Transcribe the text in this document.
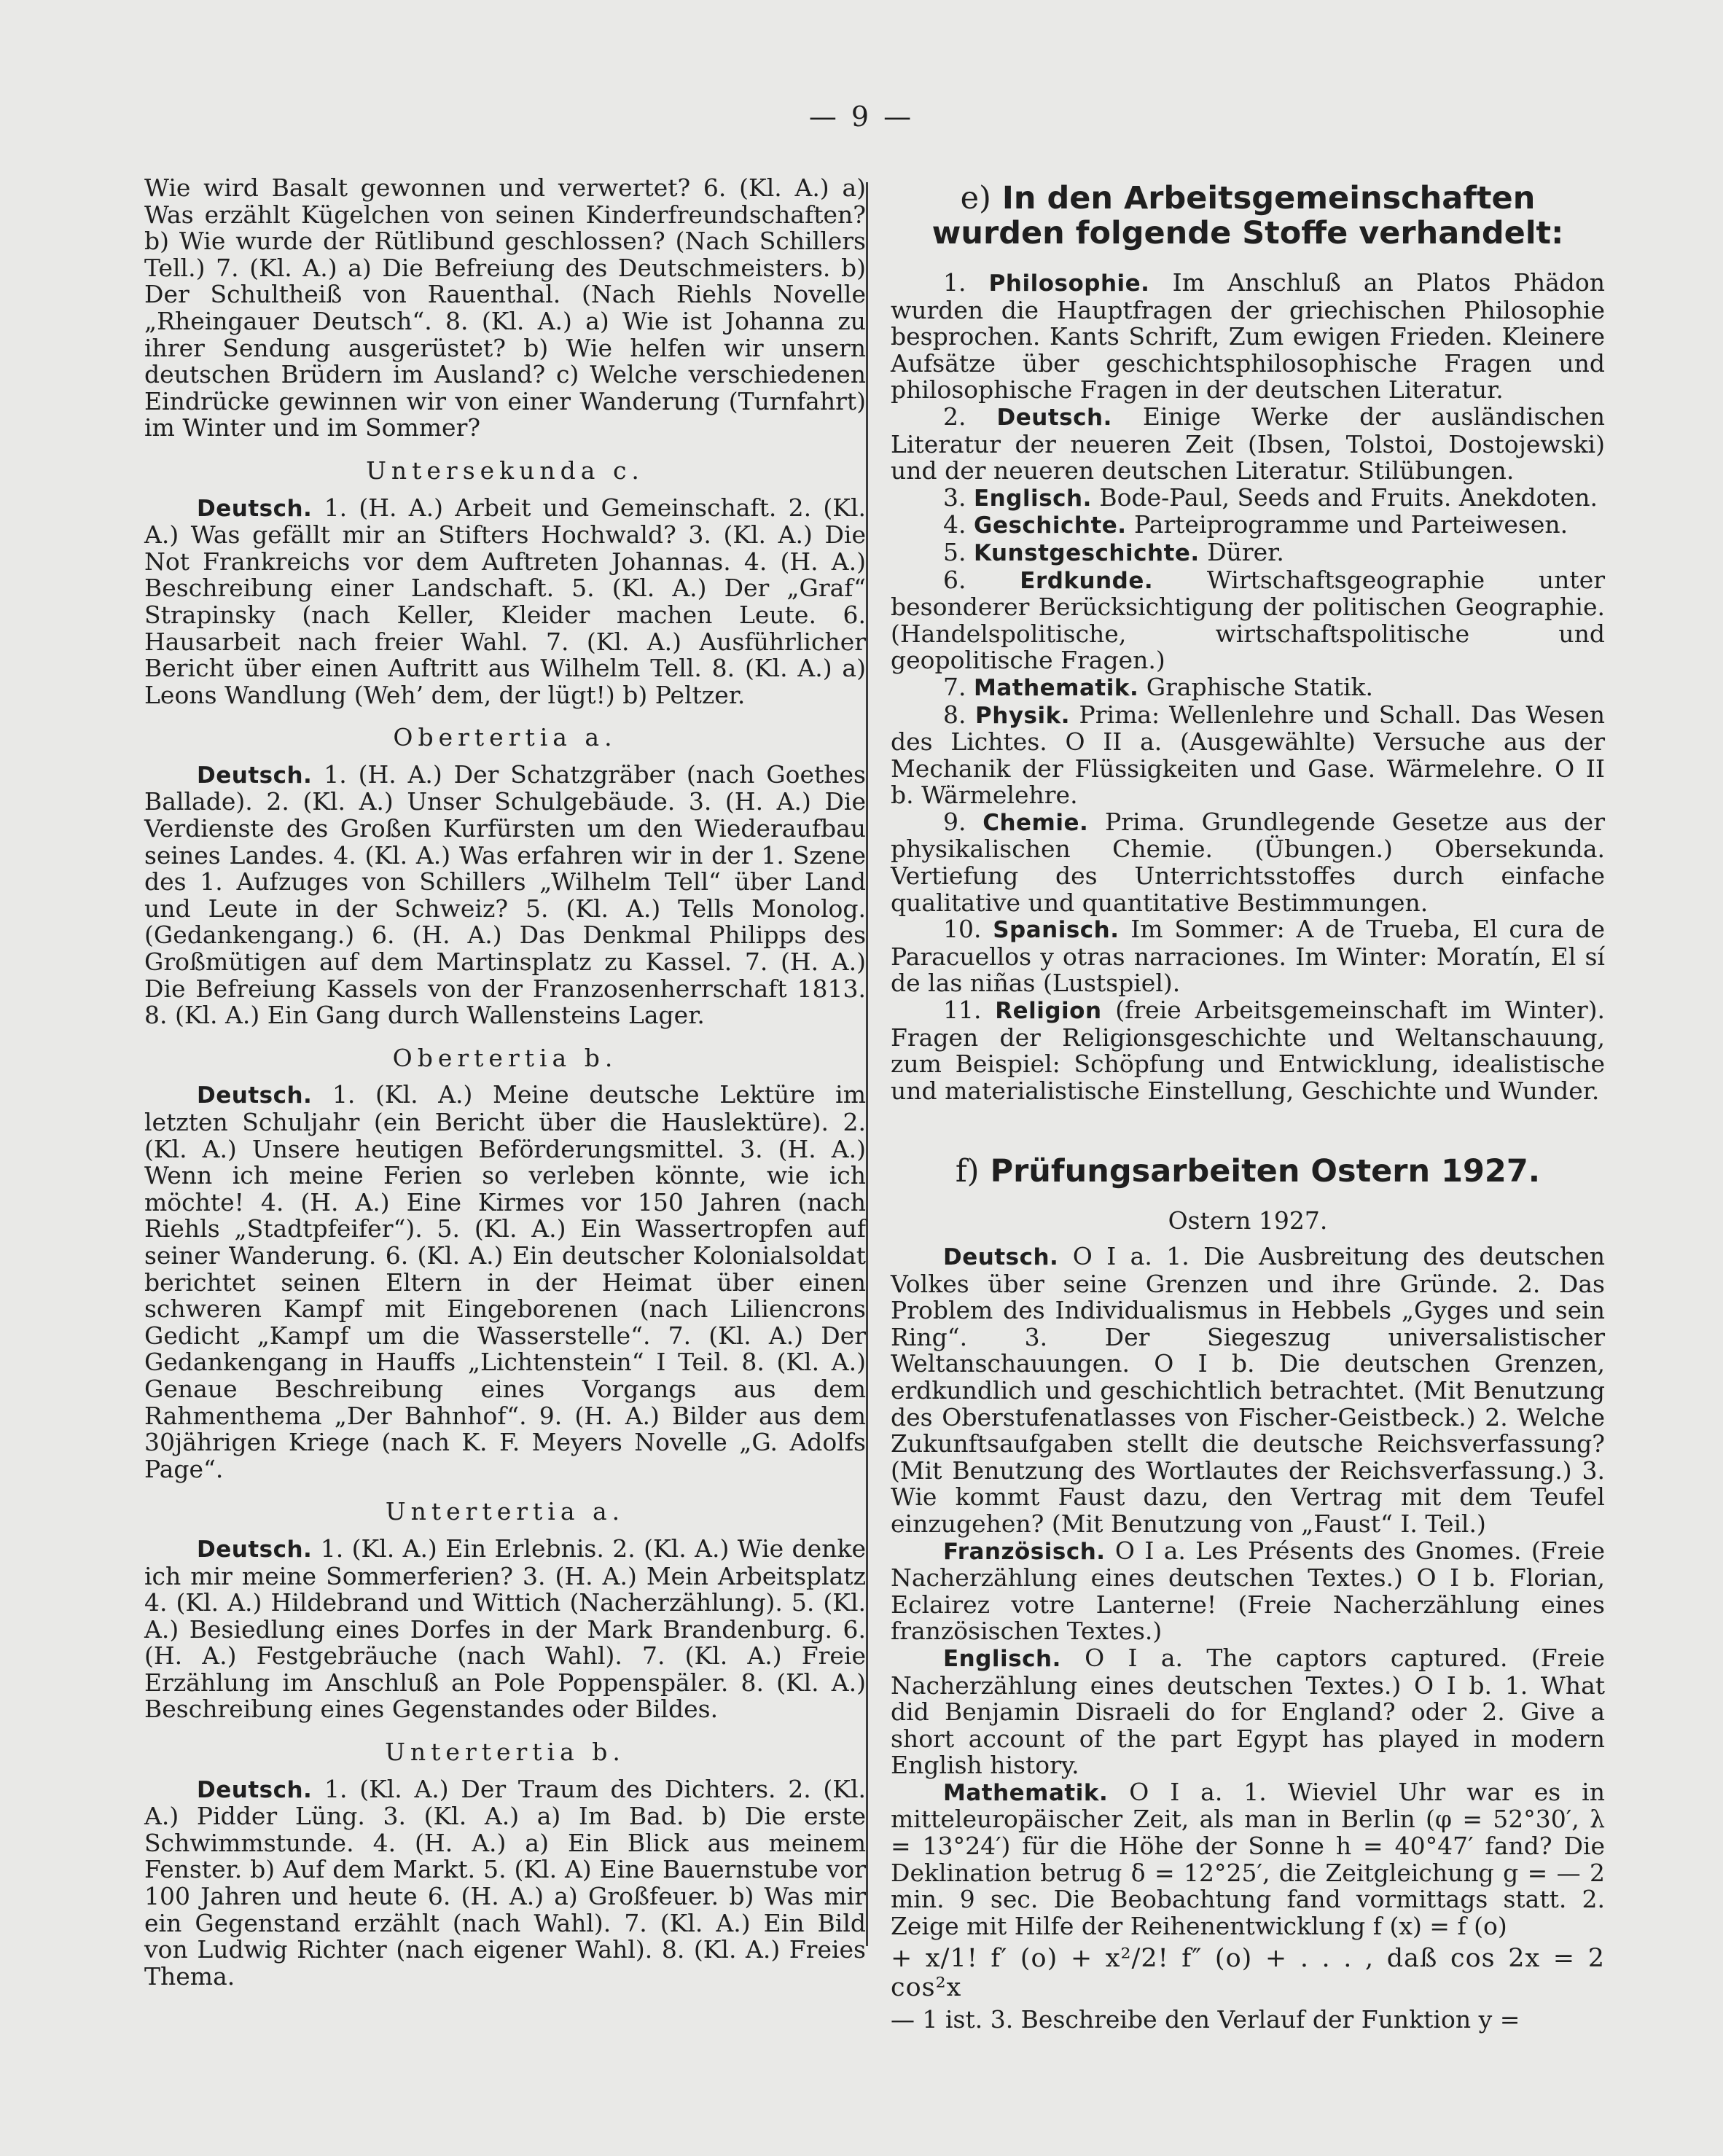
— 9 —

Wie wird Basalt gewonnen und verwertet? 6. (Kl. A.) a) Was erzählt Kügelchen von seinen Kinderfreundschaften? b) Wie wurde der Rütlibund geschlossen? (Nach Schillers Tell.) 7. (Kl. A.) a) Die Befreiung des Deutschmeisters. b) Der Schultheiß von Rauenthal. (Nach Riehls Novelle „Rheingauer Deutsch“. 8. (Kl. A.) a) Wie ist Johanna zu ihrer Sendung ausgerüstet? b) Wie helfen wir unsern deutschen Brüdern im Ausland? c) Welche verschiedenen Eindrücke gewinnen wir von einer Wanderung (Turnfahrt) im Winter und im Sommer?

Untersekunda c.

Deutsch. 1. (H. A.) Arbeit und Gemeinschaft. 2. (Kl. A.) Was gefällt mir an Stifters Hochwald? 3. (Kl. A.) Die Not Frankreichs vor dem Auftreten Johannas. 4. (H. A.) Beschreibung einer Landschaft. 5. (Kl. A.) Der „Graf“ Strapinsky (nach Keller, Kleider machen Leute. 6. Hausarbeit nach freier Wahl. 7. (Kl. A.) Ausführlicher Bericht über einen Auftritt aus Wilhelm Tell. 8. (Kl. A.) a) Leons Wandlung (Weh’ dem, der lügt!) b) Peltzer.

Obertertia a.

Deutsch. 1. (H. A.) Der Schatzgräber (nach Goethes Ballade). 2. (Kl. A.) Unser Schulgebäude. 3. (H. A.) Die Verdienste des Großen Kurfürsten um den Wiederaufbau seines Landes. 4. (Kl. A.) Was erfahren wir in der 1. Szene des 1. Aufzuges von Schillers „Wilhelm Tell“ über Land und Leute in der Schweiz? 5. (Kl. A.) Tells Monolog. (Gedankengang.) 6. (H. A.) Das Denkmal Philipps des Großmütigen auf dem Martinsplatz zu Kassel. 7. (H. A.) Die Befreiung Kassels von der Franzosenherrschaft 1813. 8. (Kl. A.) Ein Gang durch Wallensteins Lager.

Obertertia b.

Deutsch. 1. (Kl. A.) Meine deutsche Lektüre im letzten Schuljahr (ein Bericht über die Hauslektüre). 2. (Kl. A.) Unsere heutigen Beförderungsmittel. 3. (H. A.) Wenn ich meine Ferien so verleben könnte, wie ich möchte! 4. (H. A.) Eine Kirmes vor 150 Jahren (nach Riehls „Stadtpfeifer“). 5. (Kl. A.) Ein Wassertropfen auf seiner Wanderung. 6. (Kl. A.) Ein deutscher Kolonialsoldat berichtet seinen Eltern in der Heimat über einen schweren Kampf mit Eingeborenen (nach Liliencrons Gedicht „Kampf um die Wasserstelle“. 7. (Kl. A.) Der Gedankengang in Hauffs „Lichtenstein“ I Teil. 8. (Kl. A.) Genaue Beschreibung eines Vorgangs aus dem Rahmenthema „Der Bahnhof“. 9. (H. A.) Bilder aus dem 30jährigen Kriege (nach K. F. Meyers Novelle „G. Adolfs Page“.

Untertertia a.

Deutsch. 1. (Kl. A.) Ein Erlebnis. 2. (Kl. A.) Wie denke ich mir meine Sommerferien? 3. (H. A.) Mein Arbeitsplatz 4. (Kl. A.) Hildebrand und Wittich (Nacherzählung). 5. (Kl. A.) Besiedlung eines Dorfes in der Mark Brandenburg. 6. (H. A.) Festgebräuche (nach Wahl). 7. (Kl. A.) Freie Erzählung im Anschluß an Pole Poppenspäler. 8. (Kl. A.) Beschreibung eines Gegenstandes oder Bildes.

Untertertia b.

Deutsch. 1. (Kl. A.) Der Traum des Dichters. 2. (Kl. A.) Pidder Lüng. 3. (Kl. A.) a) Im Bad. b) Die erste Schwimmstunde. 4. (H. A.) a) Ein Blick aus meinem Fenster. b) Auf dem Markt. 5. (Kl. A) Eine Bauernstube vor 100 Jahren und heute 6. (H. A.) a) Großfeuer. b) Was mir ein Gegenstand erzählt (nach Wahl). 7. (Kl. A.) Ein Bild von Ludwig Richter (nach eigener Wahl). 8. (Kl. A.) Freies Thema.

e) In den Arbeitsgemeinschaften wurden folgende Stoffe verhandelt:

1. Philosophie. Im Anschluß an Platos Phädon wurden die Hauptfragen der griechischen Philosophie besprochen. Kants Schrift, Zum ewigen Frieden. Kleinere Aufsätze über geschichtsphilosophische Fragen und philosophische Fragen in der deutschen Literatur.

2. Deutsch. Einige Werke der ausländischen Literatur der neueren Zeit (Ibsen, Tolstoi, Dostojewski) und der neueren deutschen Literatur. Stilübungen.

3. Englisch. Bode-Paul, Seeds and Fruits. Anekdoten.

4. Geschichte. Parteiprogramme und Parteiwesen.

5. Kunstgeschichte. Dürer.

6. Erdkunde. Wirtschaftsgeographie unter besonderer Berücksichtigung der politischen Geographie. (Handelspolitische, wirtschaftspolitische und geopolitische Fragen.)

7. Mathematik. Graphische Statik.

8. Physik. Prima: Wellenlehre und Schall. Das Wesen des Lichtes. O II a. (Ausgewählte) Versuche aus der Mechanik der Flüssigkeiten und Gase. Wärmelehre. O II b. Wärmelehre.

9. Chemie. Prima. Grundlegende Gesetze aus der physikalischen Chemie. (Übungen.) Obersekunda. Vertiefung des Unterrichtsstoffes durch einfache qualitative und quantitative Bestimmungen.

10. Spanisch. Im Sommer: A de Trueba, El cura de Paracuellos y otras narraciones. Im Winter: Moratín, El sí de las niñas (Lustspiel).

11. Religion (freie Arbeitsgemeinschaft im Winter). Fragen der Religionsgeschichte und Weltanschauung, zum Beispiel: Schöpfung und Entwicklung, idealistische und materialistische Einstellung, Geschichte und Wunder.

f) Prüfungsarbeiten Ostern 1927.

Ostern 1927.

Deutsch. O I a. 1. Die Ausbreitung des deutschen Volkes über seine Grenzen und ihre Gründe. 2. Das Problem des Individualismus in Hebbels „Gyges und sein Ring“. 3. Der Siegeszug universalistischer Weltanschauungen. O I b. Die deutschen Grenzen, erdkundlich und geschichtlich betrachtet. (Mit Benutzung des Oberstufenatlasses von Fischer-Geistbeck.) 2. Welche Zukunftsaufgaben stellt die deutsche Reichsverfassung? (Mit Benutzung des Wortlautes der Reichsverfassung.) 3. Wie kommt Faust dazu, den Vertrag mit dem Teufel einzugehen? (Mit Benutzung von „Faust“ I. Teil.)

Französisch. O I a. Les Présents des Gnomes. (Freie Nacherzählung eines deutschen Textes.) O I b. Florian, Eclairez votre Lanterne! (Freie Nacherzählung eines französischen Textes.)

Englisch. O I a. The captors captured. (Freie Nacherzählung eines deutschen Textes.) O I b. 1. What did Benjamin Disraeli do for England? oder 2. Give a short account of the part Egypt has played in modern English history.

Mathematik. O I a. 1. Wieviel Uhr war es in mitteleuropäischer Zeit, als man in Berlin (φ = 52°30′, λ = 13°24′) für die Höhe der Sonne h = 40°47′ fand? Die Deklination betrug δ = 12°25′, die Zeitgleichung g = — 2 min. 9 sec. Die Beobachtung fand vormittags statt. 2. Zeige mit Hilfe der Reihenentwicklung f (x) = f (o)

+ x/1! f′ (o) + x²/2! f″ (o) + . . . , daß cos 2x = 2 cos²x

— 1 ist. 3. Beschreibe den Verlauf der Funktion y =
